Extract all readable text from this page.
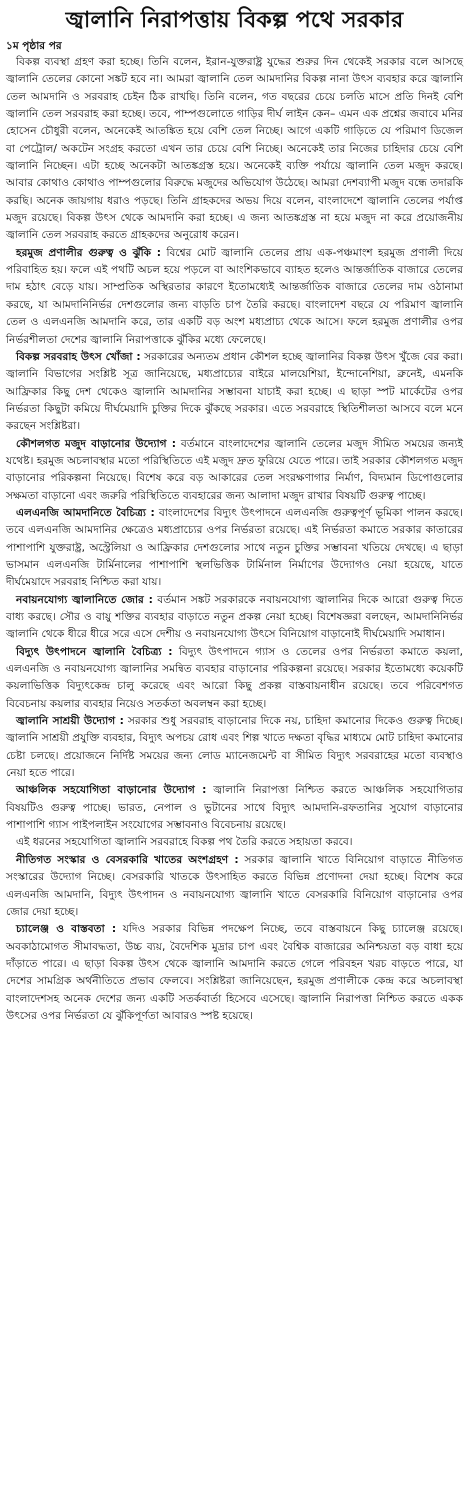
জ্বালানি নিরাপত্তায় বিকল্প পথে সরকার
১ম পৃষ্ঠার পর

বিকল্প ব্যবস্থা গ্রহণ করা হচ্ছে। তিনি বলেন, ইরান-যুক্তরাষ্ট্র যুদ্ধের শুরুর দিন থেকেই সরকার বলে আসছে জ্বালানি তেলের কোনো সঙ্কট হবে না। আমরা জ্বালানি তেল আমদানির বিকল্প নানা উৎস ব্যবহার করে জ্বালানি তেল আমদানি ও সরবরাহ চেইন ঠিক রাখছি। তিনি বলেন, গত বছরের চেয়ে চলতি মাসে প্রতি দিনই বেশি জ্বালানি তেল সরবরাহ করা হচ্ছে। তবে, পাম্পগুলোতে গাড়ির দীর্ঘ লাইন কেন– এমন এক প্রশ্নের জবাবে মনির হোসেন চৌধুরী বলেন, অনেকেই আতঙ্কিত হয়ে বেশি তেল নিচ্ছে। আগে একটি গাড়িতে যে পরিমাণ ডিজেল বা পেট্রোল/ অকটেন সংগ্রহ করতো এখন তার চেয়ে বেশি নিচ্ছে। অনেকেই তার নিজের চাহিদার চেয়ে বেশি জ্বালানি নিচ্ছেন। এটা হচ্ছে অনেকটা আতঙ্কগ্রস্ত হয়ে। অনেকেই ব্যক্তি পর্যায়ে জ্বালানি তেল মজুদ করছে। আবার কোথাও কোথাও পাম্পগুলোর বিরুদ্ধে মজুদের অভিযোগ উঠেছে। আমরা দেশব্যাপী মজুদ বন্ধে তদারকি করছি। অনেক জায়গায় ধরাও পড়ছে। তিনি গ্রাহকদের অভয় দিয়ে বলেন, বাংলাদেশে জ্বালানি তেলের পর্যাপ্ত মজুদ রয়েছে। বিকল্প উৎস থেকে আমদানি করা হচ্ছে। এ জন্য আতঙ্কগ্রস্ত না হয়ে মজুদ না করে প্রয়োজনীয় জ্বালানি তেল সরবরাহ করতে গ্রাহকদের অনুরোধ করেন।

হরমুজ প্রণালীর গুরুত্ব ও ঝুঁকি : বিশ্বের মোট জ্বালানি তেলের প্রায় এক-পঞ্চমাংশ হরমুজ প্রণালী দিয়ে পরিবাহিত হয়। ফলে এই পথটি অচল হয়ে পড়লে বা আংশিকভাবে ব্যাহত হলেও আন্তর্জাতিক বাজারে তেলের দাম হঠাৎ বেড়ে যায়। সাম্প্রতিক অস্থিরতার কারণে ইতোমধ্যেই আন্তর্জাতিক বাজারে তেলের দাম ওঠানামা করছে, যা আমদানিনির্ভর দেশগুলোর জন্য বাড়তি চাপ তৈরি করছে। বাংলাদেশ বছরে যে পরিমাণ জ্বালানি তেল ও এলএনজি আমদানি করে, তার একটি বড় অংশ মধ্যপ্রাচ্য থেকে আসে। ফলে হরমুজ প্রণালীর ওপর নির্ভরশীলতা দেশের জ্বালানি নিরাপত্তাকে ঝুঁকির মধ্যে ফেলেছে।

বিকল্প সরবরাহ উৎস খোঁজা : সরকারের অন্যতম প্রধান কৌশল হচ্ছে জ্বালানির বিকল্প উৎস খুঁজে বের করা। জ্বালানি বিভাগের সংশ্লিষ্ট সূত্র জানিয়েছে, মধ্যপ্রাচ্যের বাইরে মালয়েশিয়া, ইন্দোনেশিয়া, ব্রুনেই, এমনকি আফ্রিকার কিছু দেশ থেকেও জ্বালানি আমদানির সম্ভাবনা যাচাই করা হচ্ছে। এ ছাড়া স্পট মার্কেটের ওপর নির্ভরতা কিছুটা কমিয়ে দীর্ঘমেয়াদি চুক্তির দিকে ঝুঁকছে সরকার। এতে সরবরাহে স্থিতিশীলতা আসবে বলে মনে করছেন সংশ্লিষ্টরা।

কৌশলগত মজুদ বাড়ানোর উদ্যোগ : বর্তমানে বাংলাদেশের জ্বালানি তেলের মজুদ সীমিত সময়ের জন্যই যথেষ্ট। হরমুজ অচলাবস্থার মতো পরিস্থিতিতে এই মজুদ দ্রুত ফুরিয়ে যেতে পারে। তাই সরকার কৌশলগত মজুদ বাড়ানোর পরিকল্পনা নিয়েছে। বিশেষ করে বড় আকারের তেল সংরক্ষণাগার নির্মাণ, বিদ্যমান ডিপোগুলোর সক্ষমতা বাড়ানো এবং জরুরি পরিস্থিতিতে ব্যবহারের জন্য আলাদা মজুদ রাখার বিষয়টি গুরুত্ব পাচ্ছে।

এলএনজি আমদানিতে বৈচিত্র্য : বাংলাদেশের বিদ্যুৎ উৎপাদনে এলএনজি গুরুত্বপূর্ণ ভূমিকা পালন করছে। তবে এলএনজি আমদানির ক্ষেত্রেও মধ্যপ্রাচ্যের ওপর নির্ভরতা রয়েছে। এই নির্ভরতা কমাতে সরকার কাতারের পাশাপাশি যুক্তরাষ্ট্র, অস্ট্রেলিয়া ও আফ্রিকার দেশগুলোর সাথে নতুন চুক্তির সম্ভাবনা খতিয়ে দেখছে। এ ছাড়া ভাসমান এলএনজি টার্মিনালের পাশাপাশি স্থলভিত্তিক টার্মিনাল নির্মাণের উদ্যোগও নেয়া হয়েছে, যাতে দীর্ঘমেয়াদে সরবরাহ নিশ্চিত করা যায়।

নবায়নযোগ্য জ্বালানিতে জোর : বর্তমান সঙ্কট সরকারকে নবায়নযোগ্য জ্বালানির দিকে আরো গুরুত্ব দিতে বাধ্য করছে। সৌর ও বায়ু শক্তির ব্যবহার বাড়াতে নতুন প্রকল্প নেয়া হচ্ছে। বিশেষজ্ঞরা বলছেন, আমদানিনির্ভর জ্বালানি থেকে ধীরে ধীরে সরে এসে দেশীয় ও নবায়নযোগ্য উৎসে বিনিয়োগ বাড়ানোই দীর্ঘমেয়াদি সমাধান।

বিদ্যুৎ উৎপাদনে জ্বালানি বৈচিত্র্য : বিদ্যুৎ উৎপাদনে গ্যাস ও তেলের ওপর নির্ভরতা কমাতে কয়লা, এলএনজি ও নবায়নযোগ্য জ্বালানির সমন্বিত ব্যবহার বাড়ানোর পরিকল্পনা রয়েছে। সরকার ইতোমধ্যে কয়েকটি কয়লাভিত্তিক বিদ্যুৎকেন্দ্র চালু করেছে এবং আরো কিছু প্রকল্প বাস্তবায়নাধীন রয়েছে। তবে পরিবেশগত বিবেচনায় কয়লার ব্যবহার নিয়েও সতর্কতা অবলম্বন করা হচ্ছে।

জ্বালানি সাশ্রয়ী উদ্যোগ : সরকার শুধু সরবরাহ বাড়ানোর দিকে নয়, চাহিদা কমানোর দিকেও গুরুত্ব দিচ্ছে। জ্বালানি সাশ্রয়ী প্রযুক্তি ব্যবহার, বিদ্যুৎ অপচয় রোধ এবং শিল্প খাতে দক্ষতা বৃদ্ধির মাধ্যমে মোট চাহিদা কমানোর চেষ্টা চলছে। প্রয়োজনে নির্দিষ্ট সময়ের জন্য লোড ম্যানেজমেন্ট বা সীমিত বিদ্যুৎ সরবরাহের মতো ব্যবস্থাও নেয়া হতে পারে।

আঞ্চলিক সহযোগিতা বাড়ানোর উদ্যোগ : জ্বালানি নিরাপত্তা নিশ্চিত করতে আঞ্চলিক সহযোগিতার বিষয়টিও গুরুত্ব পাচ্ছে। ভারত, নেপাল ও ভুটানের সাথে বিদ্যুৎ আমদানি-রফতানির সুযোগ বাড়ানোর পাশাপাশি গ্যাস পাইপলাইন সংযোগের সম্ভাবনাও বিবেচনায় রয়েছে।

এই ধরনের সহযোগিতা জ্বালানি সরবরাহে বিকল্প পথ তৈরি করতে সহায়তা করবে।

নীতিগত সংস্কার ও বেসরকারি খাতের অংশগ্রহণ : সরকার জ্বালানি খাতে বিনিয়োগ বাড়াতে নীতিগত সংস্কারের উদ্যোগ নিচ্ছে। বেসরকারি খাতকে উৎসাহিত করতে বিভিন্ন প্রণোদনা দেয়া হচ্ছে। বিশেষ করে এলএনজি আমদানি, বিদ্যুৎ উৎপাদন ও নবায়নযোগ্য জ্বালানি খাতে বেসরকারি বিনিয়োগ বাড়ানোর ওপর জোর দেয়া হচ্ছে।

চ্যালেঞ্জ ও বাস্তবতা : যদিও সরকার বিভিন্ন পদক্ষেপ নিচ্ছে, তবে বাস্তবায়নে কিছু চ্যালেঞ্জ রয়েছে। অবকাঠামোগত সীমাবদ্ধতা, উচ্চ ব্যয়, বৈদেশিক মুদ্রার চাপ এবং বৈশ্বিক বাজারের অনিশ্চয়তা বড় বাধা হয়ে দাঁড়াতে পারে। এ ছাড়া বিকল্প উৎস থেকে জ্বালানি আমদানি করতে গেলে পরিবহন খরচ বাড়তে পারে, যা দেশের সামগ্রিক অর্থনীতিতে প্রভাব ফেলবে। সংশ্লিষ্টরা জানিয়েছেন, হরমুজ প্রণালীকে কেন্দ্র করে অচলাবস্থা বাংলাদেশসহ অনেক দেশের জন্য একটি সতর্কবার্তা হিসেবে এসেছে। জ্বালানি নিরাপত্তা নিশ্চিত করতে একক উৎসের ওপর নির্ভরতা যে ঝুঁকিপূর্ণতা আবারও স্পষ্ট হয়েছে।
